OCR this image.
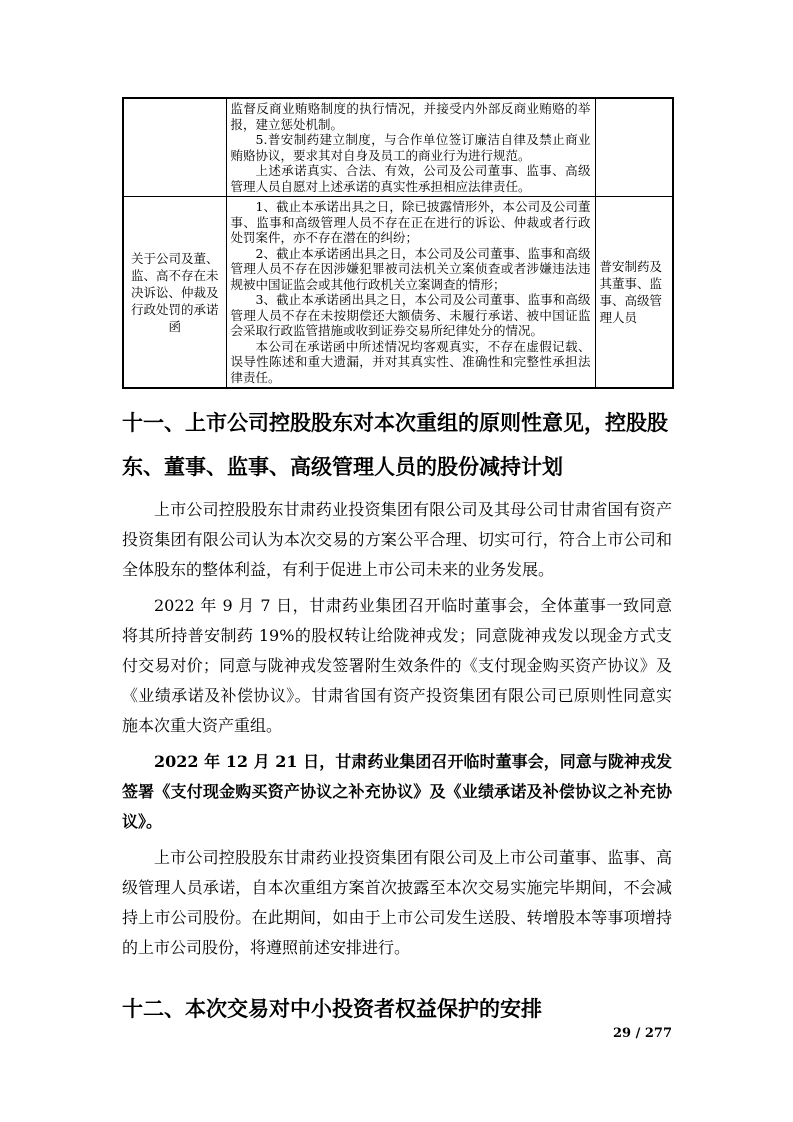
	监督反商业贿赂制度的执行情况，并接受内外部反商业贿赂的举报，建立惩处机制。

5.普安制药建立制度，与合作单位签订廉洁自律及禁止商业贿赂协议，要求其对自身及员工的商业行为进行规范。

上述承诺真实、合法、有效，公司及公司董事、监事、高级管理人员自愿对上述承诺的真实性承担相应法律责任。	

关于公司及董、监、高不存在未决诉讼、仲裁及行政处罚的承诺函	1、截止本承诺出具之日，除已披露情形外，本公司及公司董事、监事和高级管理人员不存在正在进行的诉讼、仲裁或者行政处罚案件，亦不存在潜在的纠纷；

2、截止本承诺函出具之日，本公司及公司董事、监事和高级管理人员不存在因涉嫌犯罪被司法机关立案侦查或者涉嫌违法违规被中国证监会或其他行政机关立案调查的情形；

3、截止本承诺函出具之日，本公司及公司董事、监事和高级管理人员不存在未按期偿还大额债务、未履行承诺、被中国证监会采取行政监管措施或收到证券交易所纪律处分的情况。

本公司在承诺函中所述情况均客观真实，不存在虚假记载、误导性陈述和重大遗漏，并对其真实性、准确性和完整性承担法律责任。	普安制药及其董事、监事、高级管理人员
十一、上市公司控股股东对本次重组的原则性意见，控股股东、董事、监事、高级管理人员的股份减持计划

上市公司控股股东甘肃药业投资集团有限公司及其母公司甘肃省国有资产投资集团有限公司认为本次交易的方案公平合理、切实可行，符合上市公司和全体股东的整体利益，有利于促进上市公司未来的业务发展。

2022 年 9 月 7 日，甘肃药业集团召开临时董事会，全体董事一致同意将其所持普安制药 19%的股权转让给陇神戎发；同意陇神戎发以现金方式支付交易对价；同意与陇神戎发签署附生效条件的《支付现金购买资产协议》及《业绩承诺及补偿协议》。甘肃省国有资产投资集团有限公司已原则性同意实施本次重大资产重组。

2022 年 12 月 21 日，甘肃药业集团召开临时董事会，同意与陇神戎发签署《支付现金购买资产协议之补充协议》及《业绩承诺及补偿协议之补充协议》。

上市公司控股股东甘肃药业投资集团有限公司及上市公司董事、监事、高级管理人员承诺，自本次重组方案首次披露至本次交易实施完毕期间，不会减持上市公司股份。在此期间，如由于上市公司发生送股、转增股本等事项增持的上市公司股份，将遵照前述安排进行。

十二、本次交易对中小投资者权益保护的安排
29 / 277
